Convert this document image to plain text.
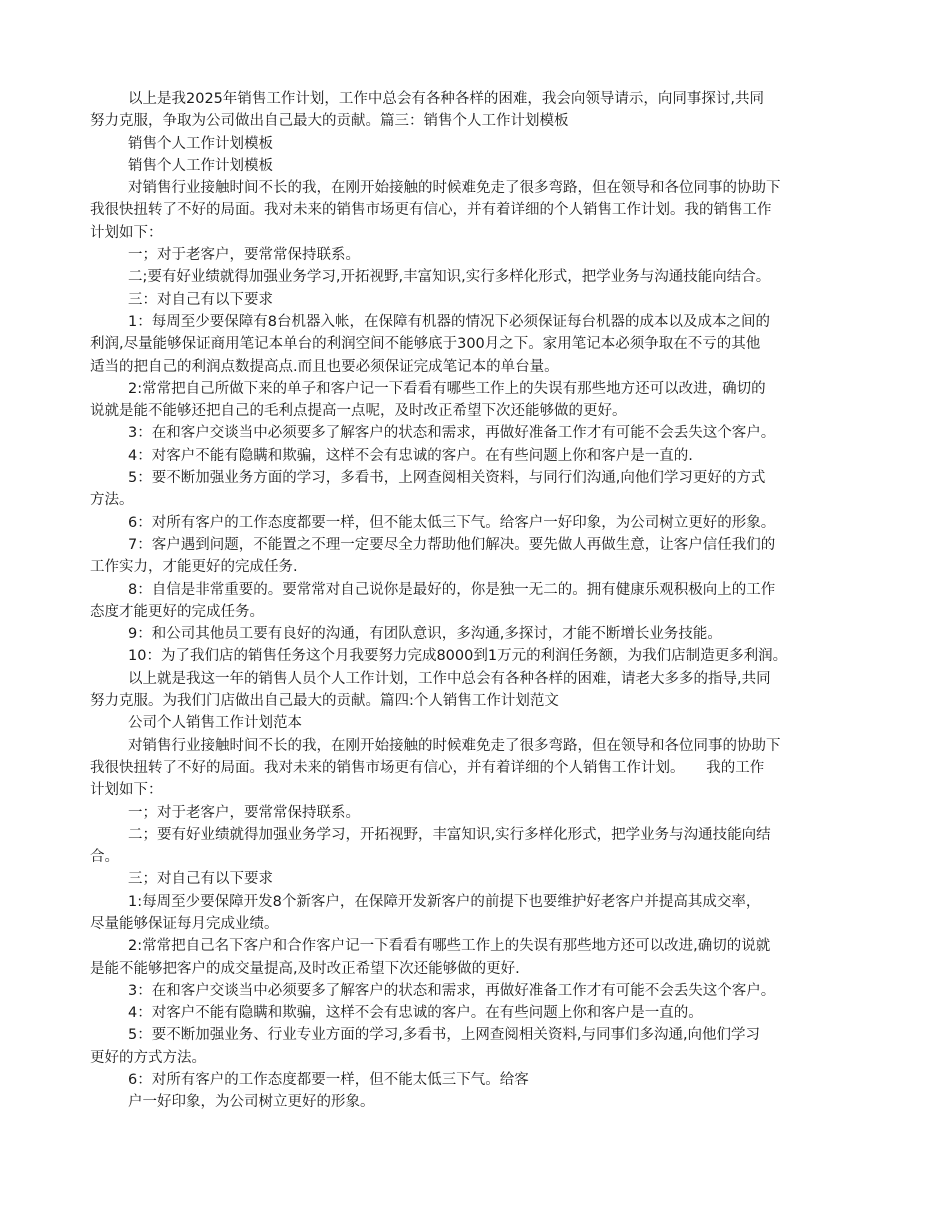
以上是我2025年销售工作计划，工作中总会有各种各样的困难，我会向领导请示，向同事探讨,共同
努力克服，争取为公司做出自己最大的贡献。篇三：销售个人工作计划模板
销售个人工作计划模板
销售个人工作计划模板
对销售行业接触时间不长的我，在刚开始接触的时候难免走了很多弯路，但在领导和各位同事的协助下
我很快扭转了不好的局面。我对未来的销售市场更有信心，并有着详细的个人销售工作计划。我的销售工作
计划如下：
一；对于老客户，要常常保持联系。
二;要有好业绩就得加强业务学习,开拓视野,丰富知识,实行多样化形式，把学业务与沟通技能向结合。
三：对自己有以下要求
1：每周至少要保障有8台机器入帐，在保障有机器的情况下必须保证每台机器的成本以及成本之间的
利润,尽量能够保证商用笔记本单台的利润空间不能够底于300月之下。家用笔记本必须争取在不亏的其他
适当的把自己的利润点数提高点.而且也要必须保证完成笔记本的单台量。
2:常常把自己所做下来的单子和客户记一下看看有哪些工作上的失误有那些地方还可以改进，确切的
说就是能不能够还把自己的毛利点提高一点呢，及时改正希望下次还能够做的更好。
3：在和客户交谈当中必须要多了解客户的状态和需求，再做好准备工作才有可能不会丢失这个客户。
4：对客户不能有隐瞒和欺骗，这样不会有忠诚的客户。在有些问题上你和客户是一直的.
5：要不断加强业务方面的学习，多看书，上网查阅相关资料，与同行们沟通,向他们学习更好的方式
方法。
6：对所有客户的工作态度都要一样，但不能太低三下气。给客户一好印象，为公司树立更好的形象。
7：客户遇到问题，不能置之不理一定要尽全力帮助他们解决。要先做人再做生意，让客户信任我们的
工作实力，才能更好的完成任务.
8：自信是非常重要的。要常常对自己说你是最好的，你是独一无二的。拥有健康乐观积极向上的工作
态度才能更好的完成任务。
9：和公司其他员工要有良好的沟通，有团队意识，多沟通,多探讨，才能不断增长业务技能。
10：为了我们店的销售任务这个月我要努力完成8000到1万元的利润任务额，为我们店制造更多利润。
以上就是我这一年的销售人员个人工作计划，工作中总会有各种各样的困难，请老大多多的指导,共同
努力克服。为我们门店做出自己最大的贡献。篇四:个人销售工作计划范文
公司个人销售工作计划范本
对销售行业接触时间不长的我，在刚开始接触的时候难免走了很多弯路，但在领导和各位同事的协助下
我很快扭转了不好的局面。我对未来的销售市场更有信心，并有着详细的个人销售工作计划。　　我的工作
计划如下：
一；对于老客户，要常常保持联系。
二；要有好业绩就得加强业务学习，开拓视野，丰富知识,实行多样化形式，把学业务与沟通技能向结
合。
三；对自己有以下要求
1:每周至少要保障开发8个新客户，在保障开发新客户的前提下也要维护好老客户并提高其成交率，
尽量能够保证每月完成业绩。
2:常常把自己名下客户和合作客户记一下看看有哪些工作上的失误有那些地方还可以改进,确切的说就
是能不能够把客户的成交量提高,及时改正希望下次还能够做的更好.
3：在和客户交谈当中必须要多了解客户的状态和需求，再做好准备工作才有可能不会丢失这个客户。
4：对客户不能有隐瞒和欺骗，这样不会有忠诚的客户。在有些问题上你和客户是一直的。
5：要不断加强业务、行业专业方面的学习,多看书，上网查阅相关资料,与同事们多沟通,向他们学习
更好的方式方法。
6：对所有客户的工作态度都要一样，但不能太低三下气。给客
户一好印象，为公司树立更好的形象。
